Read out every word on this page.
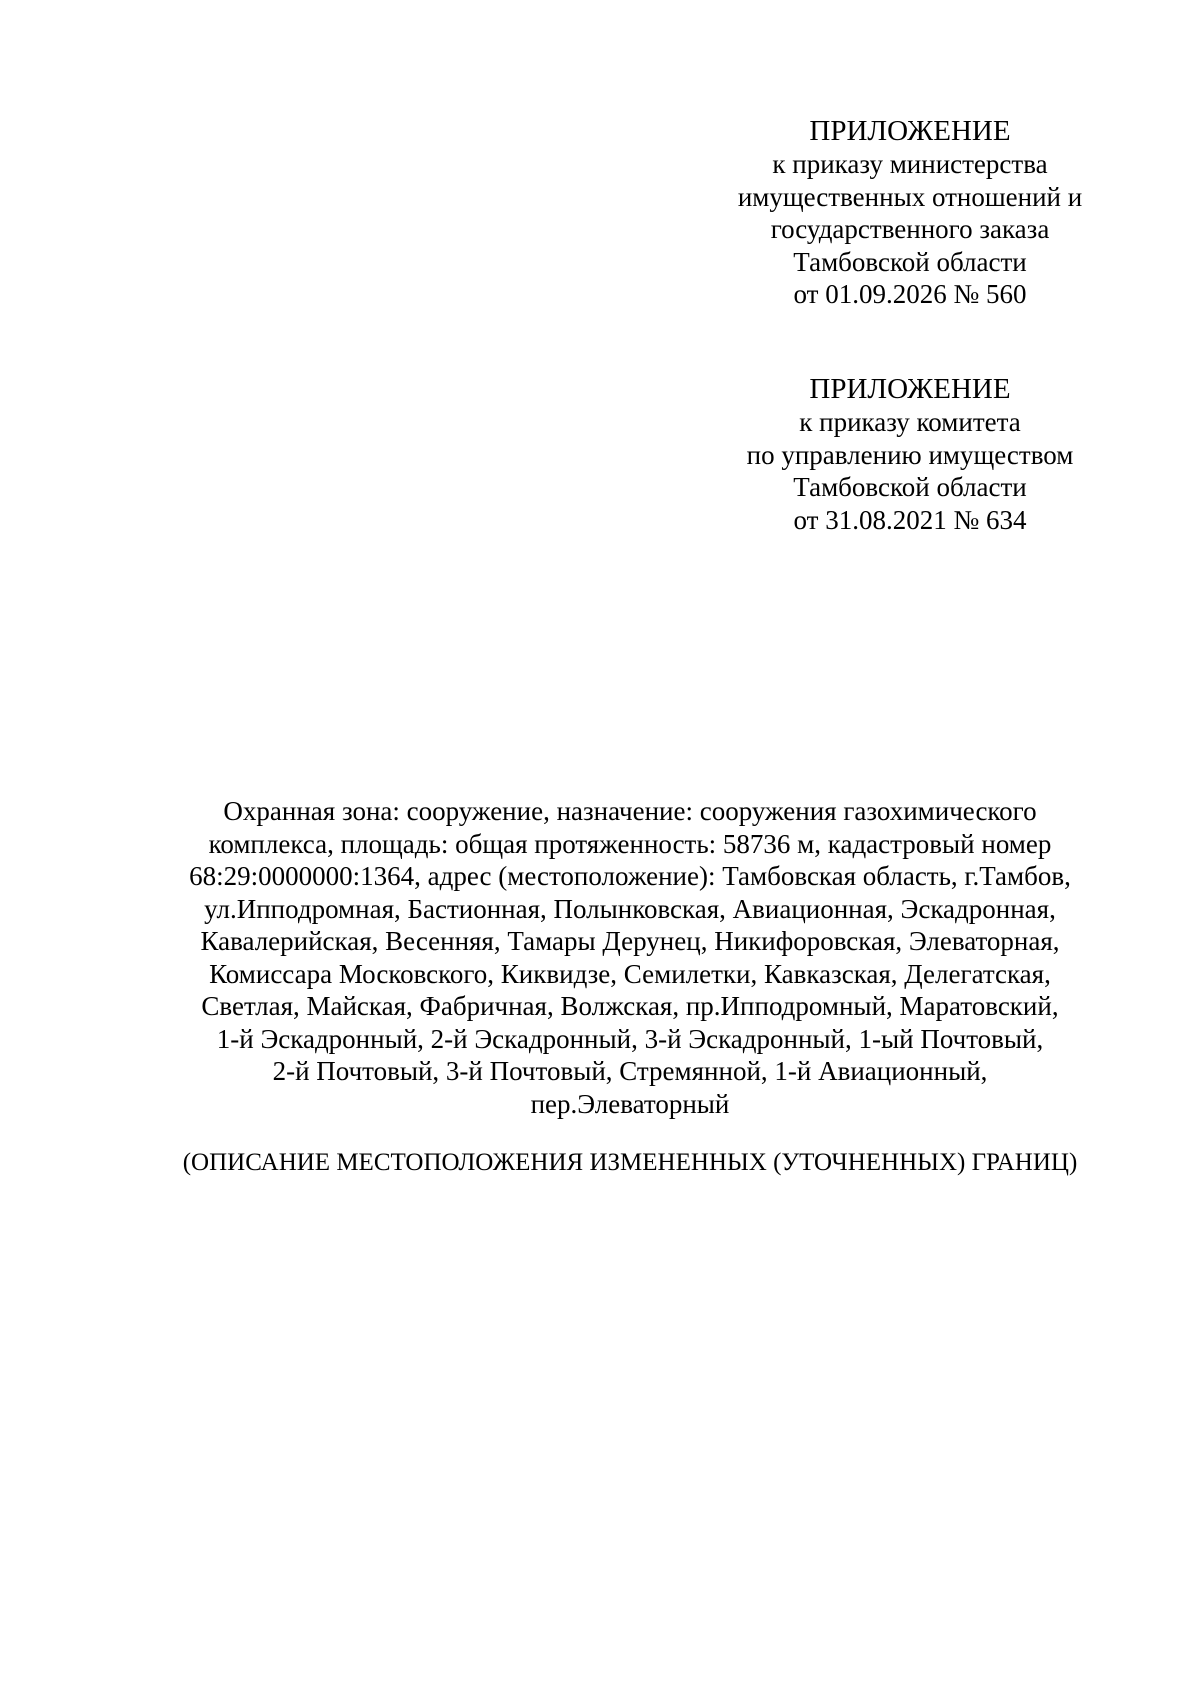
ПРИЛОЖЕНИЕ
к приказу министерства
имущественных отношений и
государственного заказа
Тамбовской области
от 01.09.2026 № 560
ПРИЛОЖЕНИЕ
к приказу комитета
по управлению имуществом
Тамбовской области
от 31.08.2021 № 634
Охранная зона: сооружение, назначение: сооружения газохимического
комплекса, площадь: общая протяженность: 58736 м, кадастровый номер
68:29:0000000:1364, адрес (местоположение): Тамбовская область, г.Тамбов,
ул.Ипподромная, Бастионная, Полынковская, Авиационная, Эскадронная,
Кавалерийская, Весенняя, Тамары Дерунец, Никифоровская, Элеваторная,
Комиссара Московского, Киквидзе, Семилетки, Кавказская, Делегатская,
Светлая, Майская, Фабричная, Волжская, пр.Ипподромный, Маратовский,
1-й Эскадронный, 2-й Эскадронный, 3-й Эскадронный, 1-ый Почтовый,
2-й Почтовый, 3-й Почтовый, Стремянной, 1-й Авиационный,
пер.Элеваторный
(ОПИСАНИЕ МЕСТОПОЛОЖЕНИЯ ИЗМЕНЕННЫХ (УТОЧНЕННЫХ) ГРАНИЦ)
